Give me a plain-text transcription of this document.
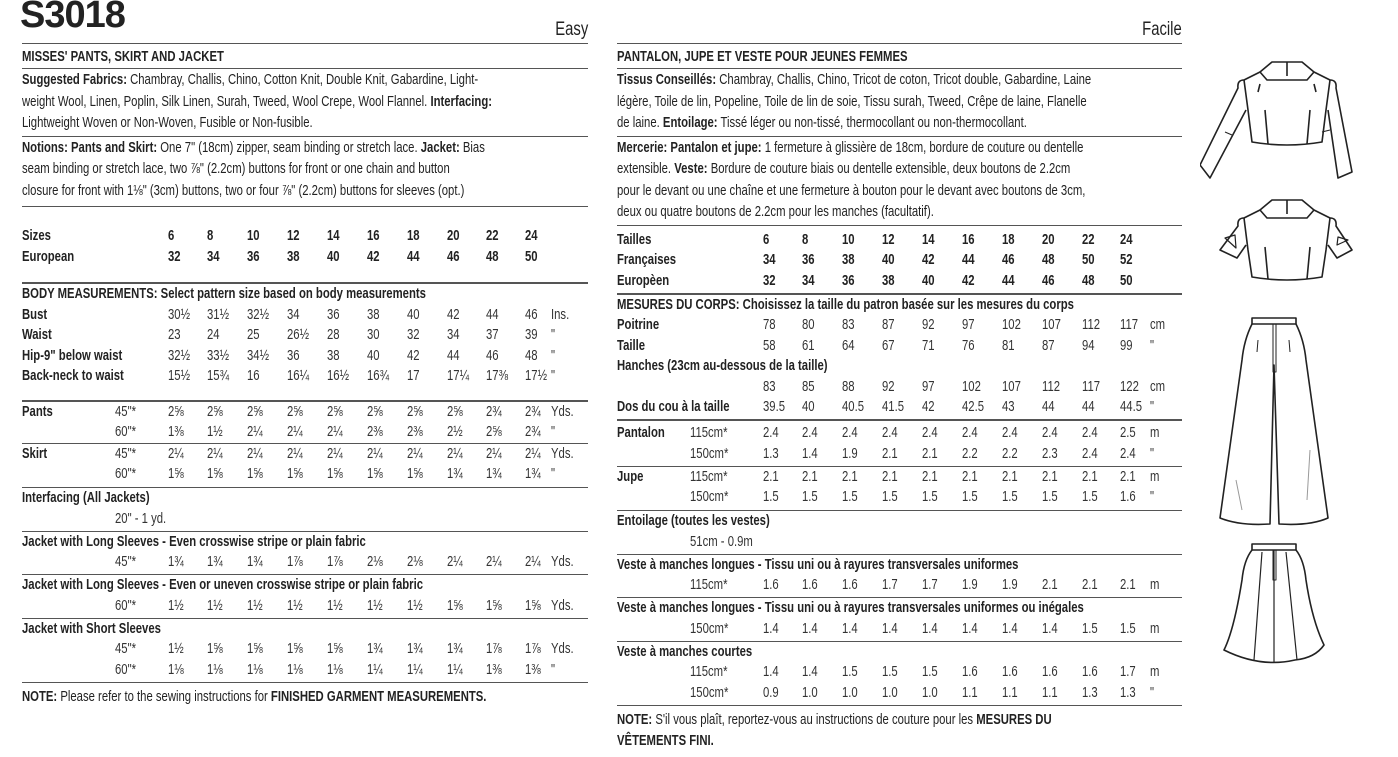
S3018	Easy
MISSES' PANTS, SKIRT AND JACKET
Suggested Fabrics: Chambray, Challis, Chino, Cotton Knit, Double Knit, Gabardine, Light-
weight Wool, Linen, Poplin, Silk Linen, Surah, Tweed, Wool Crepe, Wool Flannel. Interfacing:
Lightweight Woven or Non-Woven, Fusible or Non-fusible.
Notions: Pants and Skirt: One 7" (18cm) zipper, seam binding or stretch lace. Jacket: Bias
seam binding or stretch lace, two ⅞" (2.2cm) buttons for front or one chain and button
closure for front with 1⅛" (3cm) buttons, two or four ⅞" (2.2cm) buttons for sleeves (opt.)
Sizes	6 8 10 12 14 16 18 20 22 24
European	32 34 36 38 40 42 44 46 48 50
BODY MEASUREMENTS: Select pattern size based on body measurements
Bust	30½ 31½ 32½ 34 36 38 40 42 44 46 Ins.
Waist	23 24 25 26½ 28 30 32 34 37 39 "
Hip-9" below waist	32½ 33½ 34½ 36 38 40 42 44 46 48 "
Back-neck to waist	15½ 15¾ 16 16¼ 16½ 16¾ 17 17¼ 17⅜ 17½ "
Pants	45"* 2⅝ 2⅝ 2⅝ 2⅝ 2⅝ 2⅝ 2⅝ 2⅝ 2¾ 2¾ Yds.
60"* 1⅜ 1½ 2¼ 2¼ 2¼ 2⅜ 2⅜ 2½ 2⅝ 2¾ "
Skirt	45"* 2¼ 2¼ 2¼ 2¼ 2¼ 2¼ 2¼ 2¼ 2¼ 2¼ Yds.
60"* 1⅝ 1⅝ 1⅝ 1⅝ 1⅝ 1⅝ 1⅝ 1¾ 1¾ 1¾ "
Interfacing (All Jackets)
20" - 1 yd.
Jacket with Long Sleeves - Even crosswise stripe or plain fabric
45"* 1¾ 1¾ 1¾ 1⅞ 1⅞ 2⅛ 2⅛ 2¼ 2¼ 2¼ Yds.
Jacket with Long Sleeves - Even or uneven crosswise stripe or plain fabric
60"* 1½ 1½ 1½ 1½ 1½ 1½ 1½ 1⅝ 1⅝ 1⅝ Yds.
Jacket with Short Sleeves
45"* 1½ 1⅝ 1⅝ 1⅝ 1⅝ 1¾ 1¾ 1¾ 1⅞ 1⅞ Yds.
60"* 1⅛ 1⅛ 1⅛ 1⅛ 1⅛ 1¼ 1¼ 1¼ 1⅜ 1⅜ "
NOTE: Please refer to the sewing instructions for FINISHED GARMENT MEASUREMENTS.
Facile
PANTALON, JUPE ET VESTE POUR JEUNES FEMMES
Tissus Conseillés: Chambray, Challis, Chino, Tricot de coton, Tricot double, Gabardine, Laine
légère, Toile de lin, Popeline, Toile de lin de soie, Tissu surah, Tweed, Crêpe de laine, Flanelle
de laine. Entoilage: Tissé léger ou non-tissé, thermocollant ou non-thermocollant.
Mercerie: Pantalon et jupe: 1 fermeture à glissière de 18cm, bordure de couture ou dentelle
extensible. Veste: Bordure de couture biais ou dentelle extensible, deux boutons de 2.2cm
pour le devant ou une chaîne et une fermeture à bouton pour le devant avec boutons de 3cm,
deux ou quatre boutons de 2.2cm pour les manches (facultatif).
Tailles	6 8 10 12 14 16 18 20 22 24
Françaises	34 36 38 40 42 44 46 48 50 52
Europèen	32 34 36 38 40 42 44 46 48 50
MESURES DU CORPS: Choisissez la taille du patron basée sur les mesures du corps
Poitrine	78 80 83 87 92 97 102 107 112 117 cm
Taille	58 61 64 67 71 76 81 87 94 99 "
Hanches (23cm au-dessous de la taille)
83 85 88 92 97 102 107 112 117 122 cm
Dos du cou à la taille 39.5 40 40.5 41.5 42 42.5 43 44 44 44.5 "
Pantalon 115cm* 2.4 2.4 2.4 2.4 2.4 2.4 2.4 2.4 2.4 2.5 m
150cm* 1.3 1.4 1.9 2.1 2.1 2.2 2.2 2.3 2.4 2.4 "
Jupe	115cm* 2.1 2.1 2.1 2.1 2.1 2.1 2.1 2.1 2.1 2.1 m
150cm* 1.5 1.5 1.5 1.5 1.5 1.5 1.5 1.5 1.5 1.6 "
Entoilage (toutes les vestes)
51cm - 0.9m
Veste à manches longues - Tissu uni ou à rayures transversales uniformes
115cm* 1.6 1.6 1.6 1.7 1.7 1.9 1.9 2.1 2.1 2.1 m
Veste à manches longues - Tissu uni ou à rayures transversales uniformes ou inégales
150cm* 1.4 1.4 1.4 1.4 1.4 1.4 1.4 1.4 1.5 1.5 m
Veste à manches courtes
115cm* 1.4 1.4 1.5 1.5 1.5 1.6 1.6 1.6 1.6 1.7 m
150cm* 0.9 1.0 1.0 1.0 1.0 1.1 1.1 1.1 1.3 1.3 "
NOTE: S'il vous plaît, reportez-vous au instructions de couture pour les MESURES DU
VÊTEMENTS FINI.
